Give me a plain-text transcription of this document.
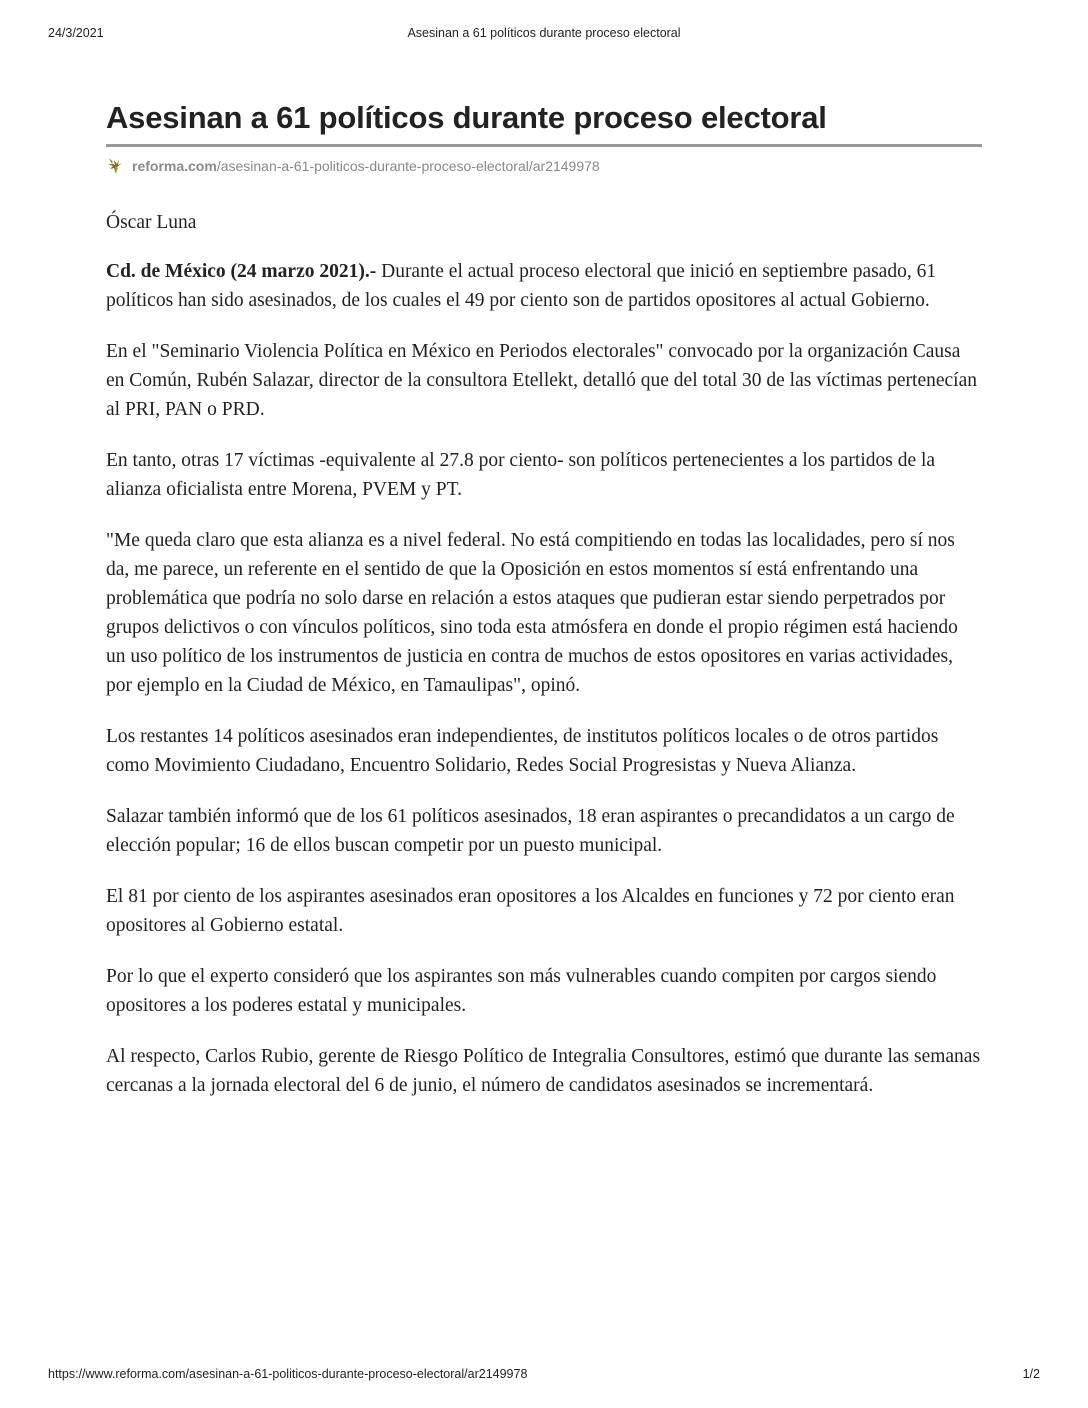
24/3/2021	Asesinan a 61 políticos durante proceso electoral
Asesinan a 61 políticos durante proceso electoral
reforma.com /asesinan-a-61-politicos-durante-proceso-electoral/ar2149978
Óscar Luna

Cd. de México (24 marzo 2021).- Durante el actual proceso electoral que inició en septiembre pasado, 61 políticos han sido asesinados, de los cuales el 49 por ciento son de partidos opositores al actual Gobierno.

En el "Seminario Violencia Política en México en Periodos electorales" convocado por la organización Causa en Común, Rubén Salazar, director de la consultora Etellekt, detalló que del total 30 de las víctimas pertenecían al PRI, PAN o PRD.

En tanto, otras 17 víctimas -equivalente al 27.8 por ciento- son políticos pertenecientes a los partidos de la alianza oficialista entre Morena, PVEM y PT.

"Me queda claro que esta alianza es a nivel federal. No está compitiendo en todas las localidades, pero sí nos da, me parece, un referente en el sentido de que la Oposición en estos momentos sí está enfrentando una problemática que podría no solo darse en relación a estos ataques que pudieran estar siendo perpetrados por grupos delictivos o con vínculos políticos, sino toda esta atmósfera en donde el propio régimen está haciendo un uso político de los instrumentos de justicia en contra de muchos de estos opositores en varias actividades, por ejemplo en la Ciudad de México, en Tamaulipas", opinó.

Los restantes 14 políticos asesinados eran independientes, de institutos políticos locales o de otros partidos como Movimiento Ciudadano, Encuentro Solidario, Redes Social Progresistas y Nueva Alianza.

Salazar también informó que de los 61 políticos asesinados, 18 eran aspirantes o precandidatos a un cargo de elección popular; 16 de ellos buscan competir por un puesto municipal.

El 81 por ciento de los aspirantes asesinados eran opositores a los Alcaldes en funciones y 72 por ciento eran opositores al Gobierno estatal.

Por lo que el experto consideró que los aspirantes son más vulnerables cuando compiten por cargos siendo opositores a los poderes estatal y municipales.

Al respecto, Carlos Rubio, gerente de Riesgo Político de Integralia Consultores, estimó que durante las semanas cercanas a la jornada electoral del 6 de junio, el número de candidatos asesinados se incrementará.

https://www.reforma.com/asesinan-a-61-politicos-durante-proceso-electoral/ar2149978	1/2
